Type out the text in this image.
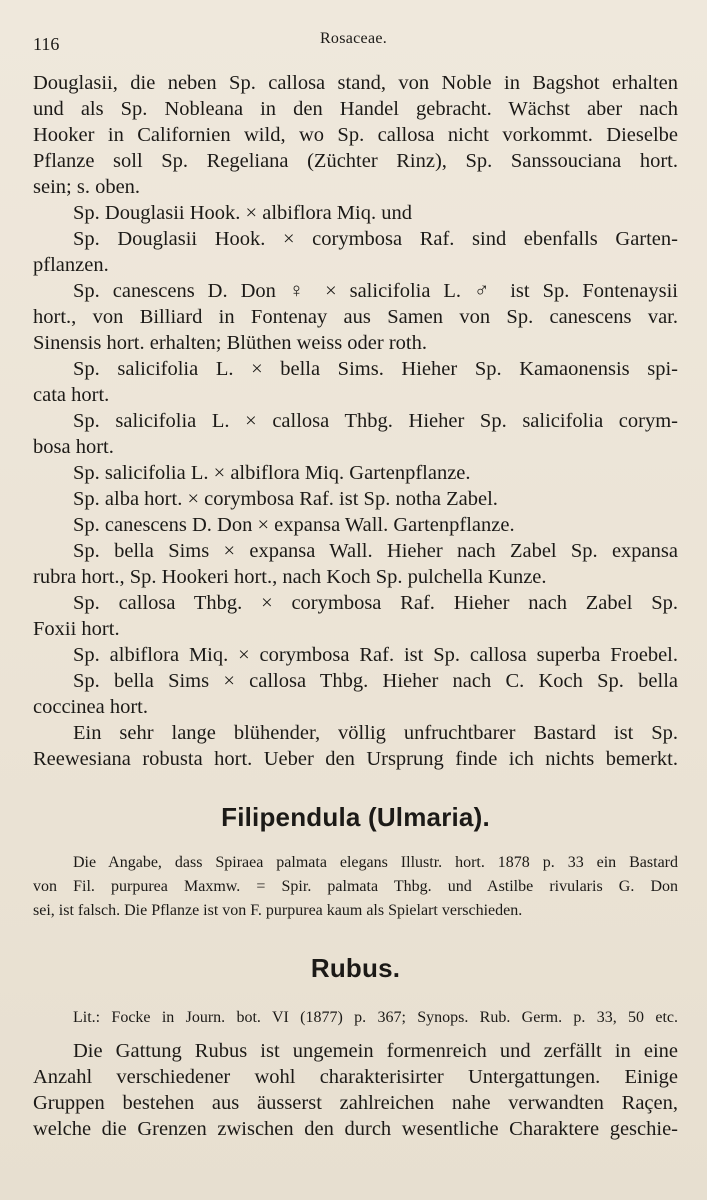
116	Rosaceae.
Douglasii, die neben Sp. callosa stand, von Noble in Bagshot erhalten
und als Sp. Nobleana in den Handel gebracht. Wächst aber nach
Hooker in Californien wild, wo Sp. callosa nicht vorkommt. Dieselbe
Pflanze soll Sp. Regeliana (Züchter Rinz), Sp. Sanssouciana hort.
sein; s. oben.
Sp. Douglasii Hook. × albiflora Miq. und
Sp. Douglasii Hook. × corymbosa Raf. sind ebenfalls Garten-
pflanzen.
Sp. canescens D. Don ♀ × salicifolia L. ♂ ist Sp. Fontenaysii
hort., von Billiard in Fontenay aus Samen von Sp. canescens var.
Sinensis hort. erhalten; Blüthen weiss oder roth.
Sp. salicifolia L. × bella Sims. Hieher Sp. Kamaonensis spi-
cata hort.
Sp. salicifolia L. × callosa Thbg. Hieher Sp. salicifolia corym-
bosa hort.
Sp. salicifolia L. × albiflora Miq. Gartenpflanze.
Sp. alba hort. × corymbosa Raf. ist Sp. notha Zabel.
Sp. canescens D. Don × expansa Wall. Gartenpflanze.
Sp. bella Sims × expansa Wall. Hieher nach Zabel Sp. expansa
rubra hort., Sp. Hookeri hort., nach Koch Sp. pulchella Kunze.
Sp. callosa Thbg. × corymbosa Raf. Hieher nach Zabel Sp.
Foxii hort.
Sp. albiflora Miq. × corymbosa Raf. ist Sp. callosa superba Froebel.
Sp. bella Sims × callosa Thbg. Hieher nach C. Koch Sp. bella
coccinea hort.
Ein sehr lange blühender, völlig unfruchtbarer Bastard ist Sp.
Reewesiana robusta hort. Ueber den Ursprung finde ich nichts bemerkt.
Filipendula (Ulmaria).
Die Angabe, dass Spiraea palmata elegans Illustr. hort. 1878 p. 33 ein Bastard
von Fil. purpurea Maxmw. = Spir. palmata Thbg. und Astilbe rivularis G. Don
sei, ist falsch. Die Pflanze ist von F. purpurea kaum als Spielart verschieden.
Rubus.
Lit.: Focke in Journ. bot. VI (1877) p. 367; Synops. Rub. Germ. p. 33, 50 etc.
Die Gattung Rubus ist ungemein formenreich und zerfällt in eine
Anzahl verschiedener wohl charakterisirter Untergattungen. Einige
Gruppen bestehen aus äusserst zahlreichen nahe verwandten Raçen,
welche die Grenzen zwischen den durch wesentliche Charaktere geschie-
